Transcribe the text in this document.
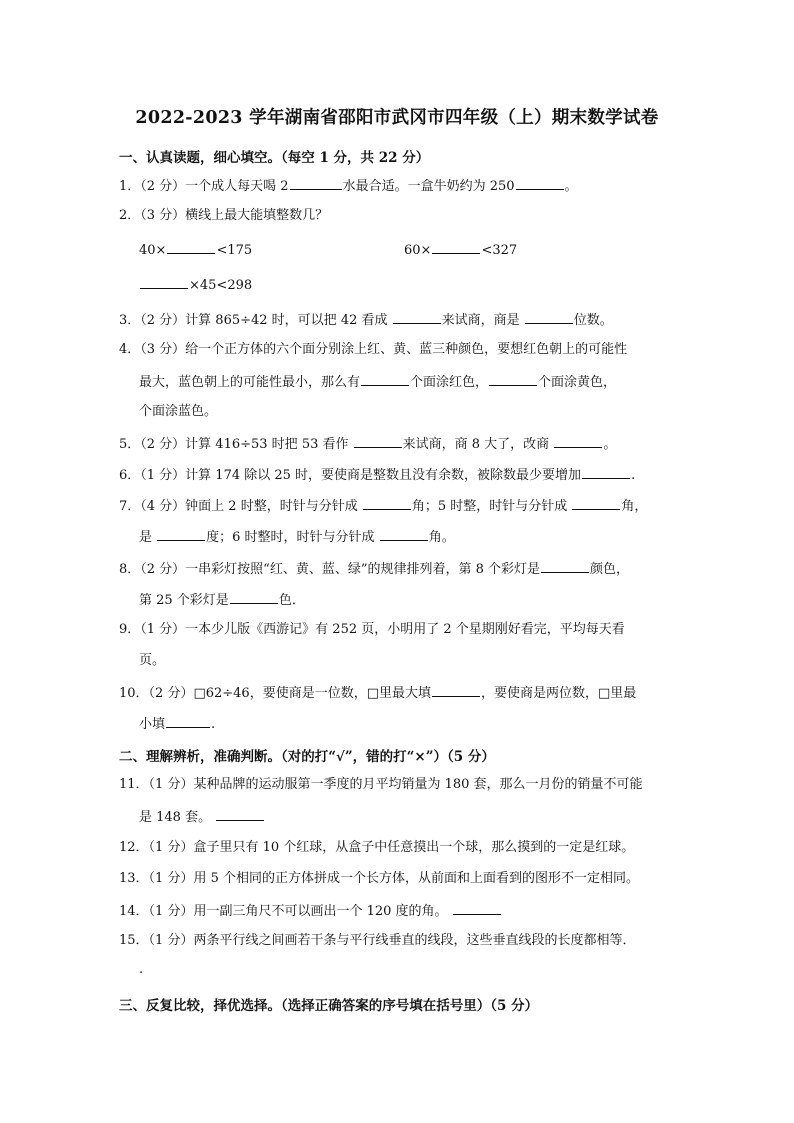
2022-2023 学年湖南省邵阳市武冈市四年级（上）期末数学试卷
一、认真读题，细心填空。（每空 1 分，共 22 分）
1．（2 分）一个成人每天喝 2	水最合适。一盒牛奶约为 250	。
2．（3 分）横线上最大能填整数几？
40×	<175	60×	<327
×45<298
3．（2 分）计算 865÷42 时，可以把 42 看成	来试商，商是	位数。
4．（3 分）给一个正方体的六个面分别涂上红、黄、蓝三种颜色，要想红色朝上的可能性
最大，蓝色朝上的可能性最小，那么有	个面涂红色，	个面涂黄色，
个面涂蓝色。
5．（2 分）计算 416÷53 时把 53 看作	来试商，商 8 大了，改商	。
6．（1 分）计算 174 除以 25 时，要使商是整数且没有余数，被除数最少要增加	.
7．（4 分）钟面上 2 时整，时针与分针成	角；5 时整，时针与分针成	角，
是	度；6 时整时，时针与分针成	角。
8．（2 分）一串彩灯按照“红、黄、蓝、绿”的规律排列着，第 8 个彩灯是	颜色，
第 25 个彩灯是	色．
9．（1 分）一本少儿版《西游记》有 252 页，小明用了 2 个星期刚好看完，平均每天看
页。
10．（2 分）□62÷46，要使商是一位数，□里最大填	，要使商是两位数，□里最
小填	.
二、理解辨析，准确判断。（对的打“√”，错的打“×”）（5 分）
11．（1 分）某种品牌的运动服第一季度的月平均销量为 180 套，那么一月份的销量不可能
是 148 套。
12．（1 分）盒子里只有 10 个红球，从盒子中任意摸出一个球，那么摸到的一定是红球。
13．（1 分）用 5 个相同的正方体拼成一个长方体，从前面和上面看到的图形不一定相同。
14．（1 分）用一副三角尺不可以画出一个 120 度的角。
15．（1 分）两条平行线之间画若干条与平行线垂直的线段，这些垂直线段的长度都相等．
.
三、反复比较，择优选择。（选择正确答案的序号填在括号里）（5 分）
